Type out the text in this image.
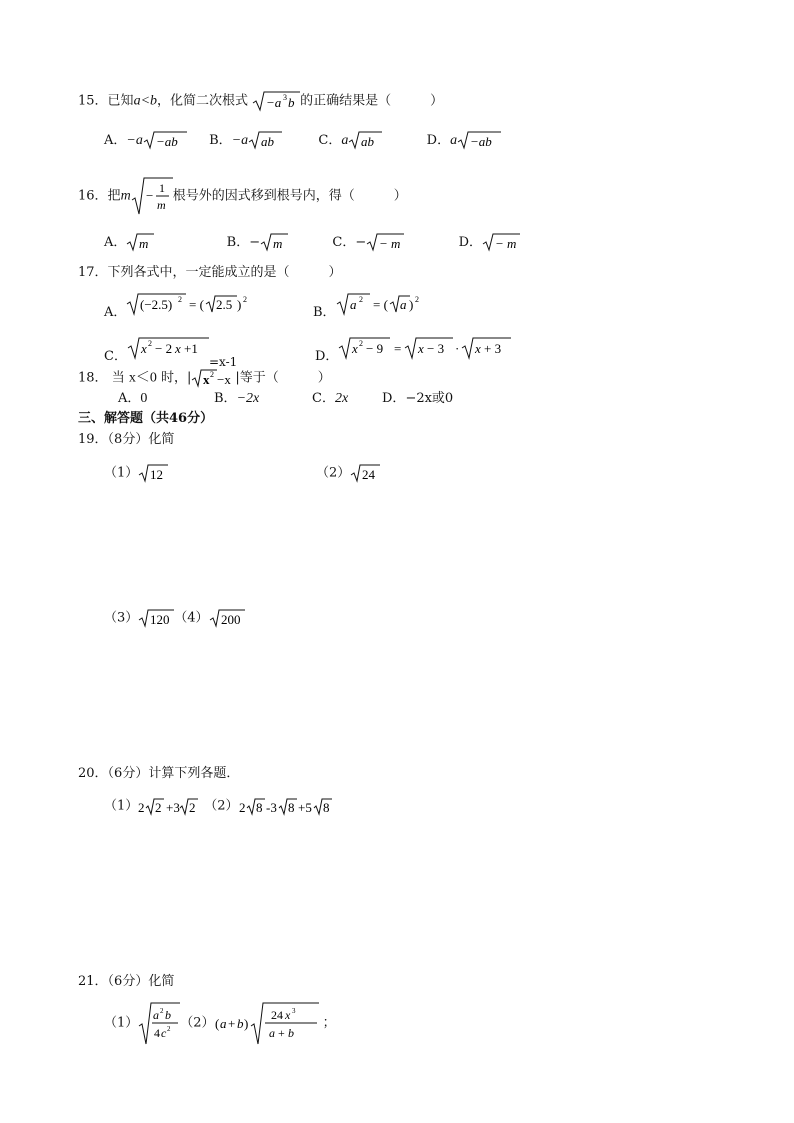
15．已知a<b，化简二次根式 −a 3 b 的正确结果是（　　　）
A．−a −ab B．−a ab	C．a ab	D．a −ab
16．把m − 1
m
根号外的因式移到根号内，得（　　　）
A． m	B．− m	C．− − m	D． − m
17．下列各式中，一定能成立的是（　　　）
A．
(−2.5) 2 = ( 2.5 ) 2
B．
a 2 = ( a ) 2
C．
x 2 − 2 x +1
=x-1	D．
x 2 − 9 = x − 3 · x + 3
18． 当 x＜0 时，| x 2 −x |等于（　　　）
A．0	B．−2x	C．2x	D．−2x或0
三、解答题（共46分）
19．（8分）化简
（1） 12	（2） 24
（3） 120 （4） 200
20．（6分）计算下列各题．
（1） 2 2 +3 2 （2） 2 8 -3 8 +5 8
21．（6分）化简
（1）
a 2 b
4 c 2 （2） ( a + b )
24 x 3
a + b
；
